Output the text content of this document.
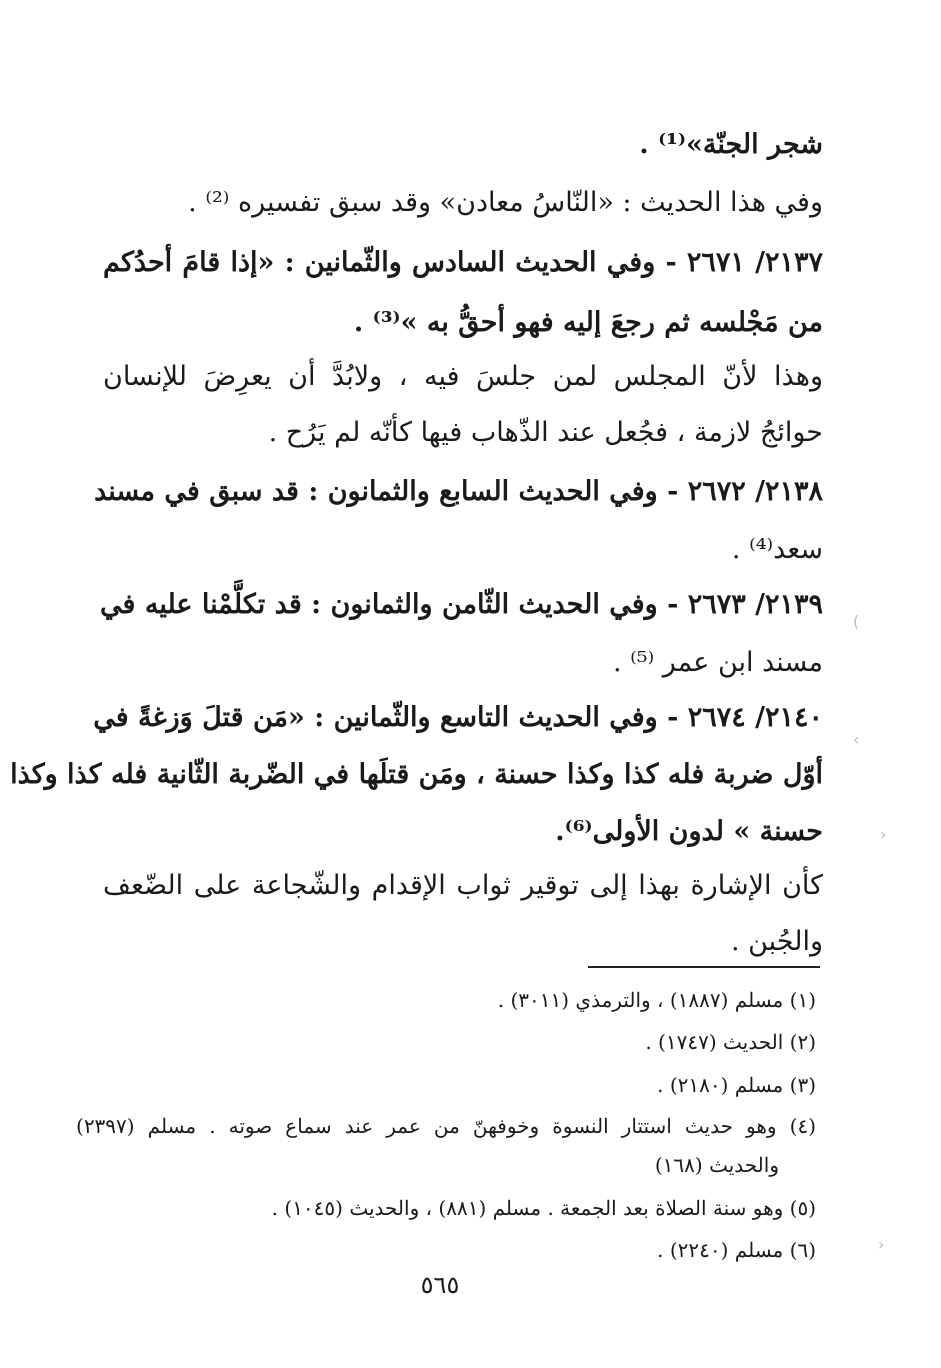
شجر الجنّة»⁽¹⁾ .
وفي هذا الحديث : «النّاسُ معادن» وقد سبق تفسيره ⁽²⁾ .
٢١٣٧/ ٢٦٧١ - وفي الحديث السادس والثّمانين : «إذا قامَ أحدُكم
من مَجْلسه ثم رجعَ إليه فهو أحقُّ به »⁽³⁾ .
وهذا لأنّ المجلس لمن جلسَ فيه ، ولابُدَّ أن يعرِضَ للإنسان
حوائجُ لازمة ، فجُعل عند الذّهاب فيها كأنّه لم يَرُح .
٢١٣٨/ ٢٦٧٢ - وفي الحديث السابع والثمانون : قد سبق في مسند
سعد⁽⁴⁾ .
٢١٣٩/ ٢٦٧٣ - وفي الحديث الثّامن والثمانون : قد تكلَّمْنا عليه في
مسند ابن عمر ⁽⁵⁾ .
٢١٤٠/ ٢٦٧٤ - وفي الحديث التاسع والثّمانين : «مَن قتلَ وَزغةً في
أوّل ضربة فله كذا وكذا حسنة ، ومَن قتلَها في الضّربة الثّانية فله كذا وكذا
حسنة » لدون الأولى⁽⁶⁾.
كأن الإشارة بهذا إلى توقير ثواب الإقدام والشّجاعة على الضّعف
والجُبن .
(١) مسلم (١٨٨٧) ، والترمذي (٣٠١١) .
(٢) الحديث (١٧٤٧) .
(٣) مسلم (٢١٨٠) .
(٤) وهو حديث استتار النسوة وخوفهنّ من عمر عند سماع صوته . مسلم (٢٣٩٧)
والحديث (١٦٨)
(٥) وهو سنة الصلاة بعد الجمعة . مسلم (٨٨١) ، والحديث (١٠٤٥) .
(٦) مسلم (٢٢٤٠) .
٥٦٥
(
‹
›
›
